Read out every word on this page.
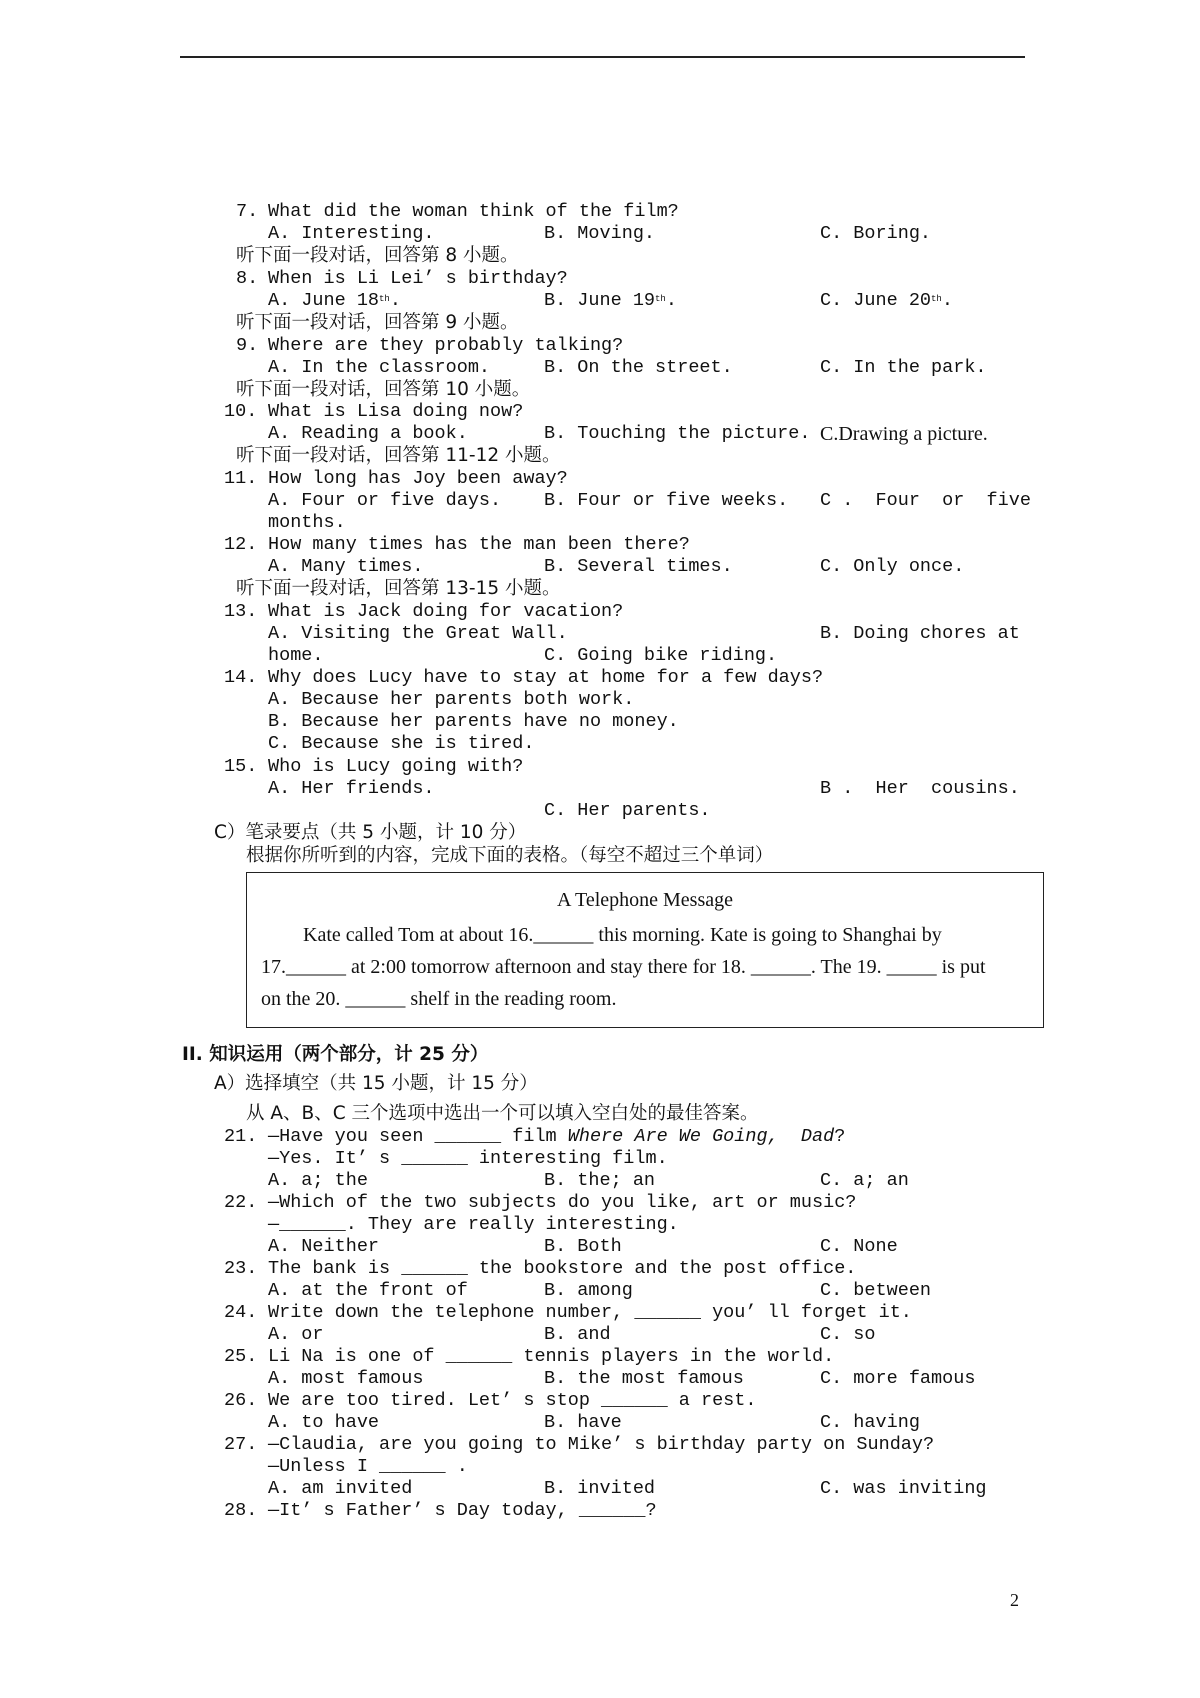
7. What did the woman think of the film?
A. Interesting.	B. Moving.	C. Boring.
听下面一段对话，回答第 8 小题。
8. When is Li Lei’ s birthday?
A. June 18th.	B. June 19th.	C. June 20th.
听下面一段对话，回答第 9 小题。
9. Where are they probably talking?
A. In the classroom.	B. On the street.	C. In the park.
听下面一段对话，回答第 10 小题。
10. What is Lisa doing now?
A. Reading a book.	B. Touching the picture. C.Drawing a picture.
听下面一段对话，回答第 11-12 小题。
11. How long has Joy been away?
A. Four or five days. B. Four or five weeks. C .  Four  or  five
months.
12. How many times has the man been there?
A. Many times.	B. Several times.	C. Only once.
听下面一段对话，回答第 13-15 小题。
13. What is Jack doing for vacation?
A. Visiting the Great Wall.	B. Doing chores at
home.	C. Going bike riding.
14. Why does Lucy have to stay at home for a few days?
A. Because her parents both work.
B. Because her parents have no money.
C. Because she is tired.
15. Who is Lucy going with?
A. Her friends.	B .  Her  cousins.
C. Her parents.
C）笔录要点（共 5 小题，计 10 分）
根据你所听到的内容，完成下面的表格。（每空不超过三个单词）
A Telephone Message
Kate called Tom at about 16.______ this morning. Kate is going to Shanghai by
17.______ at 2:00 tomorrow afternoon and stay there for 18. ______. The 19. _____ is put
on the 20. ______ shelf in the reading room.
II. 知识运用（两个部分，计 25 分）
A）选择填空（共 15 小题，计 15 分）
从 A、B、C 三个选项中选出一个可以填入空白处的最佳答案。
21. —Have you seen ______ film Where Are We Going,  Dad?
—Yes. It’ s ______ interesting film.
A. a; the	B. the; an	C. a; an
22. —Which of the two subjects do you like, art or music?
—______. They are really interesting.
A. Neither	B. Both	C. None
23. The bank is ______ the bookstore and the post office.
A. at the front of	B. among	C. between
24. Write down the telephone number, ______ you’ ll forget it.
A. or	B. and	C. so
25. Li Na is one of ______ tennis players in the world.
A. most famous	B. the most famous	C. more famous
26. We are too tired. Let’ s stop ______ a rest.
A. to have	B. have	C. having
27. —Claudia, are you going to Mike’ s birthday party on Sunday?
—Unless I ______ .
A. am invited	B. invited	C. was inviting
28. —It’ s Father’ s Day today, ______?
2
